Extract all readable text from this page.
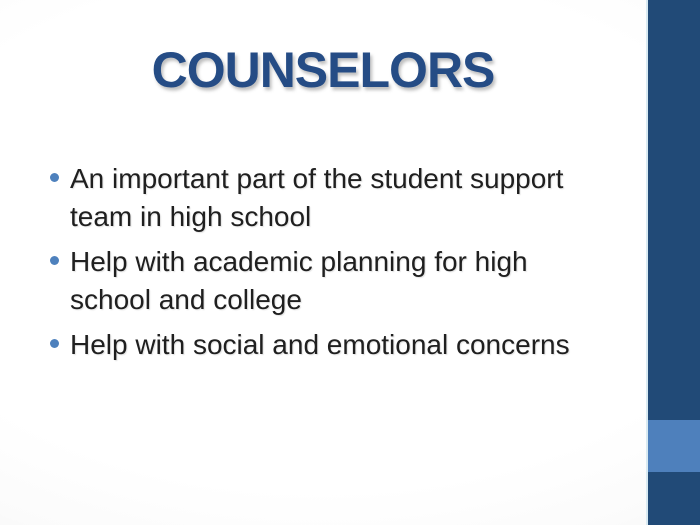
COUNSELORS
An important part of the student support team in high school
Help with academic planning for high school and college
Help with social and emotional concerns
